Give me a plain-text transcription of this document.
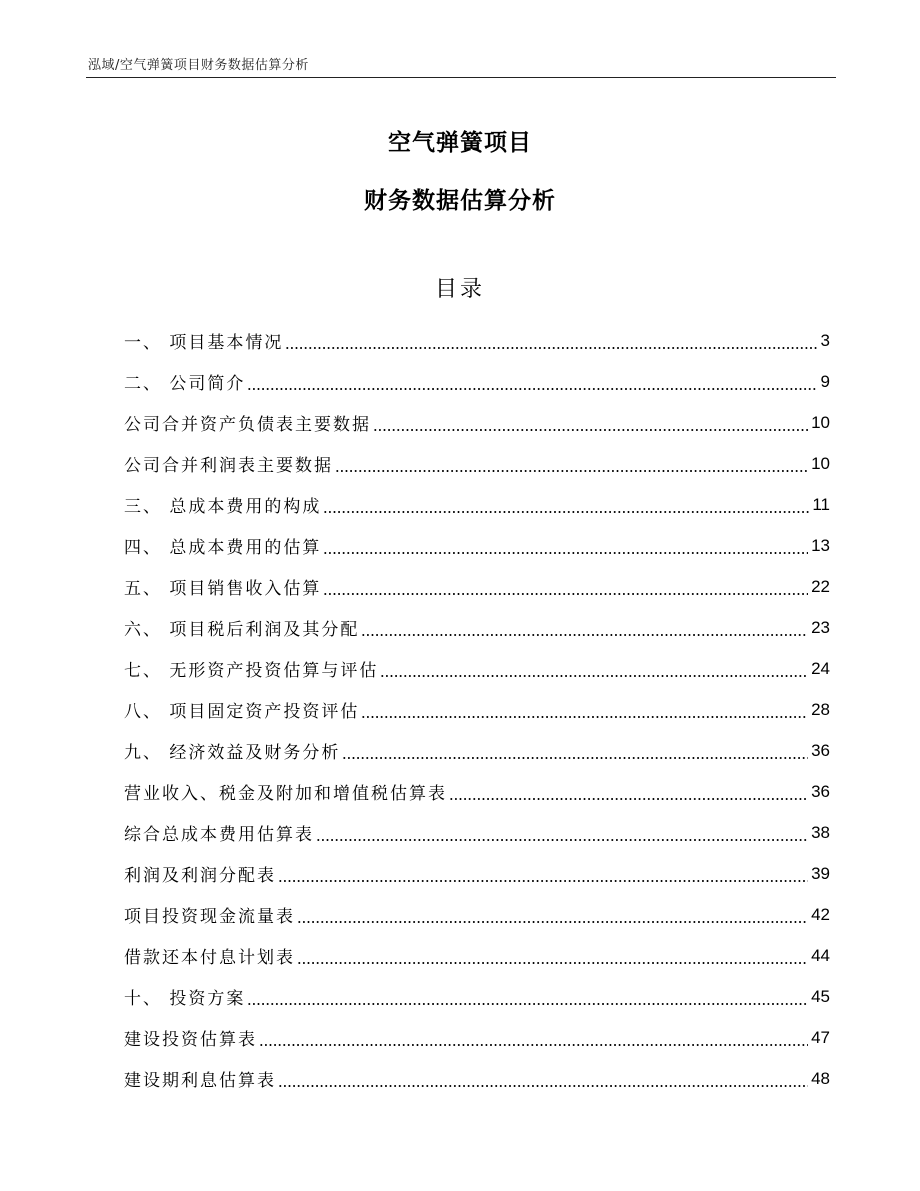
泓域/空气弹簧项目财务数据估算分析
空气弹簧项目
财务数据估算分析
目录
一、 项目基本情况	3
二、 公司简介	9
公司合并资产负债表主要数据	10
公司合并利润表主要数据	10
三、 总成本费用的构成	11
四、 总成本费用的估算	13
五、 项目销售收入估算	22
六、 项目税后利润及其分配	23
七、 无形资产投资估算与评估	24
八、 项目固定资产投资评估	28
九、 经济效益及财务分析	36
营业收入、税金及附加和增值税估算表	36
综合总成本费用估算表	38
利润及利润分配表	39
项目投资现金流量表	42
借款还本付息计划表	44
十、 投资方案	45
建设投资估算表	47
建设期利息估算表	48
